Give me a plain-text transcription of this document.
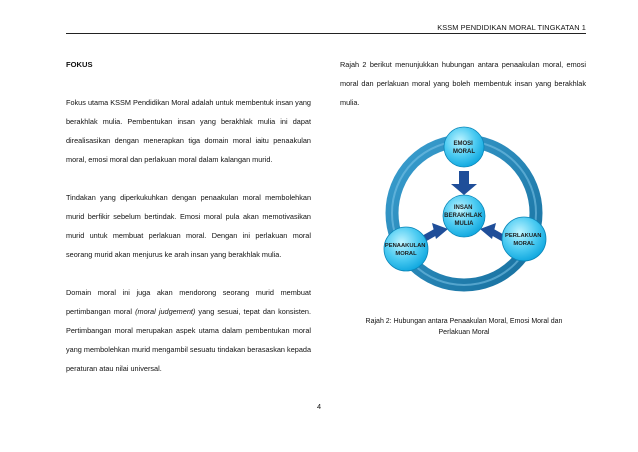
KSSM PENDIDIKAN MORAL TINGKATAN 1
FOKUS
Fokus utama KSSM Pendidikan Moral adalah untuk membentuk insan yang berakhlak mulia. Pembentukan insan yang berakhlak mulia ini dapat direalisasikan dengan menerapkan tiga domain moral iaitu penaakulan moral, emosi moral dan perlakuan moral dalam kalangan murid.
Tindakan yang diperkukuhkan dengan penaakulan moral membolehkan murid berfikir sebelum bertindak. Emosi moral pula akan memotivasikan murid untuk membuat perlakuan moral. Dengan ini perlakuan moral seorang murid akan menjurus ke arah insan yang berakhlak mulia.
Domain moral ini juga akan mendorong seorang murid membuat pertimbangan moral (moral judgement) yang sesuai, tepat dan konsisten. Pertimbangan moral merupakan aspek utama dalam pembentukan moral yang membolehkan murid mengambil sesuatu tindakan berasaskan kepada peraturan atau nilai universal.
Rajah 2 berikut menunjukkan hubungan antara penaakulan moral, emosi moral dan perlakuan moral yang boleh membentuk insan yang berakhlak mulia.
EMOSI MORAL
INSAN BERAKHLAK MULIA
PENAAKULAN MORAL
PERLAKUAN MORAL
Rajah 2: Hubungan antara Penaakulan Moral, Emosi Moral dan Perlakuan Moral
4
